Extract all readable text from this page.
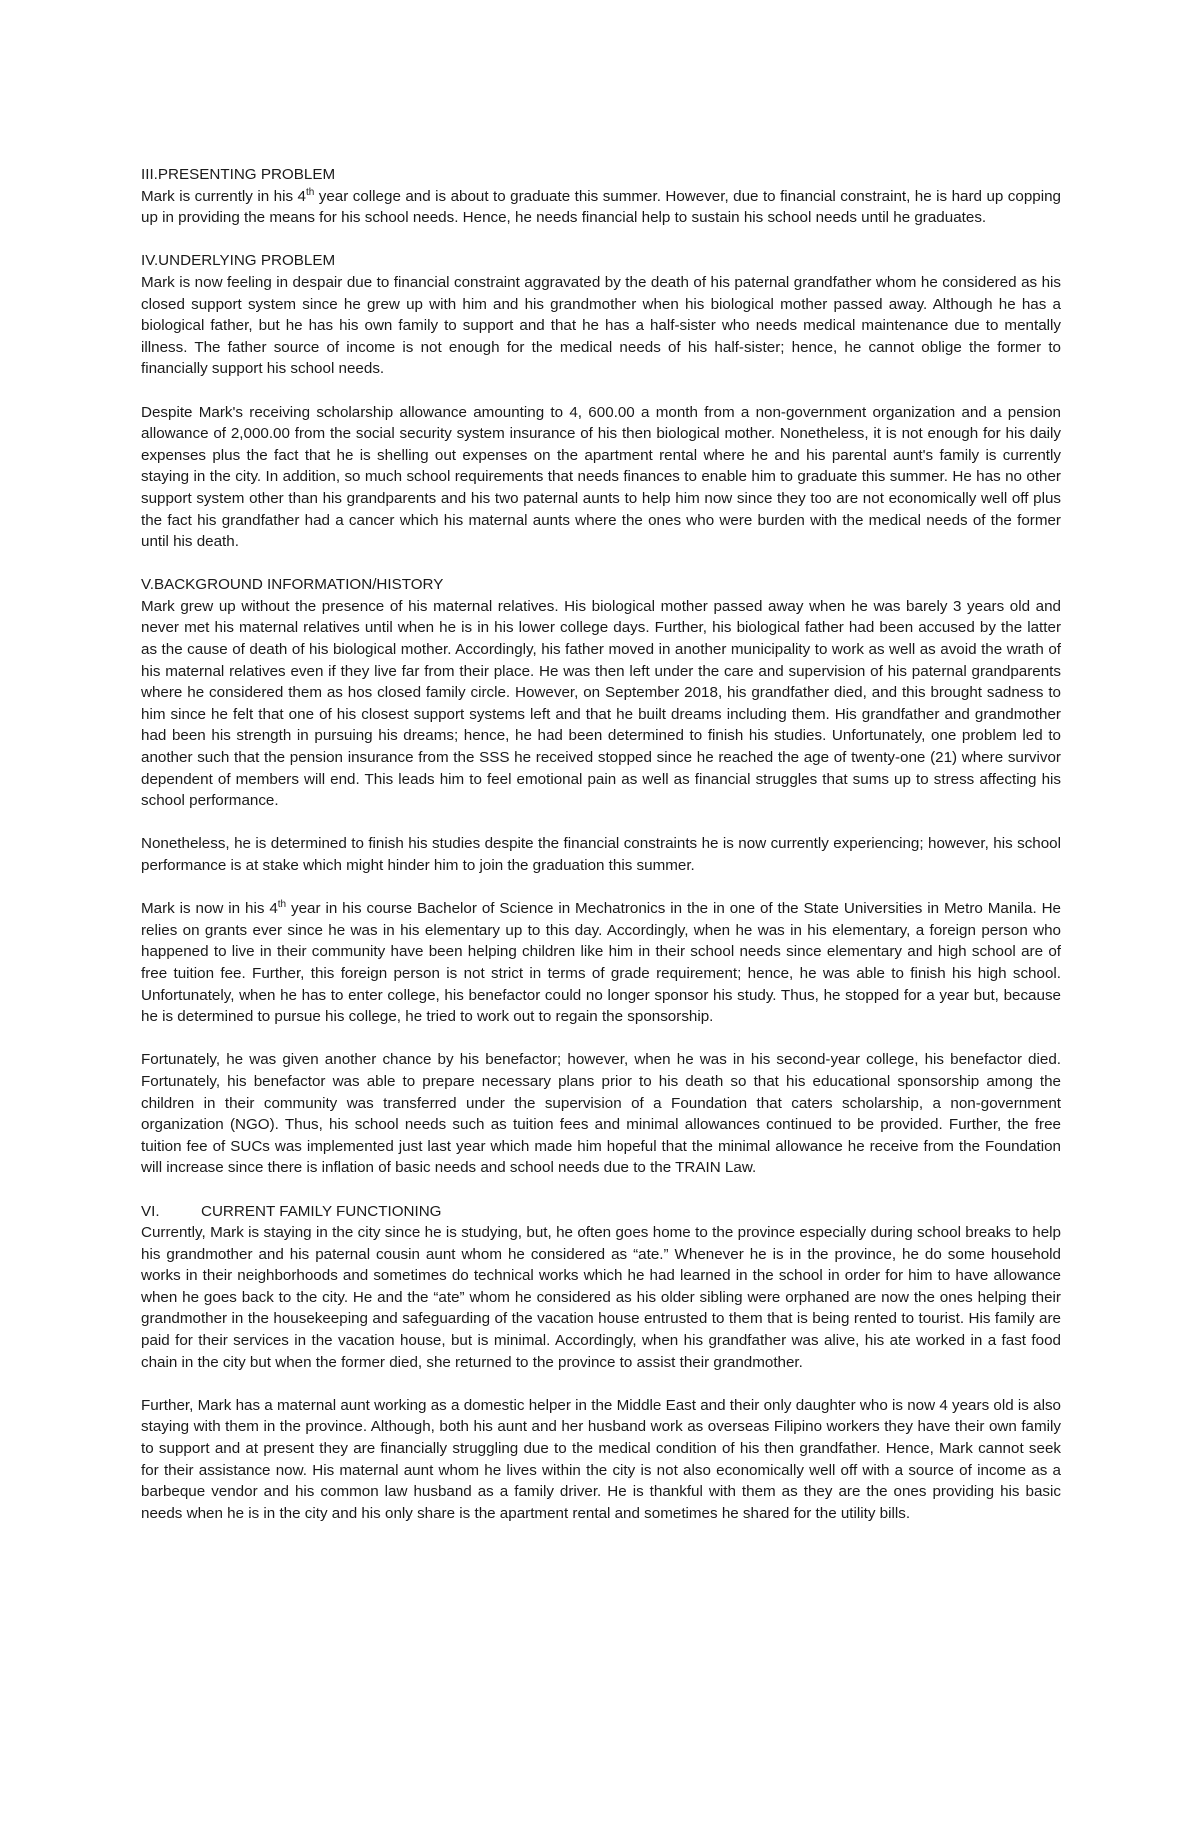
III.PRESENTING PROBLEM

Mark is currently in his 4th year college and is about to graduate this summer. However, due to financial constraint, he is hard up copping up in providing the means for his school needs. Hence, he needs financial help to sustain his school needs until he graduates.

IV.UNDERLYING PROBLEM

Mark is now feeling in despair due to financial constraint aggravated by the death of his paternal grandfather whom he considered as his closed support system since he grew up with him and his grandmother when his biological mother passed away. Although he has a biological father, but he has his own family to support and that he has a half-sister who needs medical maintenance due to mentally illness. The father source of income is not enough for the medical needs of his half-sister; hence, he cannot oblige the former to financially support his school needs.

Despite Mark's receiving scholarship allowance amounting to 4, 600.00 a month from a non-government organization and a pension allowance of 2,000.00 from the social security system insurance of his then biological mother. Nonetheless, it is not enough for his daily expenses plus the fact that he is shelling out expenses on the apartment rental where he and his parental aunt's family is currently staying in the city. In addition, so much school requirements that needs finances to enable him to graduate this summer. He has no other support system other than his grandparents and his two paternal aunts to help him now since they too are not economically well off plus the fact his grandfather had a cancer which his maternal aunts where the ones who were burden with the medical needs of the former until his death.

V.BACKGROUND INFORMATION/HISTORY

Mark grew up without the presence of his maternal relatives. His biological mother passed away when he was barely 3 years old and never met his maternal relatives until when he is in his lower college days. Further, his biological father had been accused by the latter as the cause of death of his biological mother. Accordingly, his father moved in another municipality to work as well as avoid the wrath of his maternal relatives even if they live far from their place. He was then left under the care and supervision of his paternal grandparents where he considered them as hos closed family circle. However, on September 2018, his grandfather died, and this brought sadness to him since he felt that one of his closest support systems left and that he built dreams including them. His grandfather and grandmother had been his strength in pursuing his dreams; hence, he had been determined to finish his studies. Unfortunately, one problem led to another such that the pension insurance from the SSS he received stopped since he reached the age of twenty-one (21) where survivor dependent of members will end. This leads him to feel emotional pain as well as financial struggles that sums up to stress affecting his school performance.

Nonetheless, he is determined to finish his studies despite the financial constraints he is now currently experiencing; however, his school performance is at stake which might hinder him to join the graduation this summer.

Mark is now in his 4th year in his course Bachelor of Science in Mechatronics in the in one of the State Universities in Metro Manila. He relies on grants ever since he was in his elementary up to this day. Accordingly, when he was in his elementary, a foreign person who happened to live in their community have been helping children like him in their school needs since elementary and high school are of free tuition fee. Further, this foreign person is not strict in terms of grade requirement; hence, he was able to finish his high school. Unfortunately, when he has to enter college, his benefactor could no longer sponsor his study. Thus, he stopped for a year but, because he is determined to pursue his college, he tried to work out to regain the sponsorship.

Fortunately, he was given another chance by his benefactor; however, when he was in his second-year college, his benefactor died. Fortunately, his benefactor was able to prepare necessary plans prior to his death so that his educational sponsorship among the children in their community was transferred under the supervision of a Foundation that caters scholarship, a non-government organization (NGO). Thus, his school needs such as tuition fees and minimal allowances continued to be provided. Further, the free tuition fee of SUCs was implemented just last year which made him hopeful that the minimal allowance he receive from the Foundation will increase since there is inflation of basic needs and school needs due to the TRAIN Law.

VI.	CURRENT FAMILY FUNCTIONING

Currently, Mark is staying in the city since he is studying, but, he often goes home to the province especially during school breaks to help his grandmother and his paternal cousin aunt whom he considered as “ate.” Whenever he is in the province, he do some household works in their neighborhoods and sometimes do technical works which he had learned in the school in order for him to have allowance when he goes back to the city. He and the “ate” whom he considered as his older sibling were orphaned are now the ones helping their grandmother in the housekeeping and safeguarding of the vacation house entrusted to them that is being rented to tourist. His family are paid for their services in the vacation house, but is minimal. Accordingly, when his grandfather was alive, his ate worked in a fast food chain in the city but when the former died, she returned to the province to assist their grandmother.

Further, Mark has a maternal aunt working as a domestic helper in the Middle East and their only daughter who is now 4 years old is also staying with them in the province. Although, both his aunt and her husband work as overseas Filipino workers they have their own family to support and at present they are financially struggling due to the medical condition of his then grandfather. Hence, Mark cannot seek for their assistance now. His maternal aunt whom he lives within the city is not also economically well off with a source of income as a barbeque vendor and his common law husband as a family driver. He is thankful with them as they are the ones providing his basic needs when he is in the city and his only share is the apartment rental and sometimes he shared for the utility bills.
